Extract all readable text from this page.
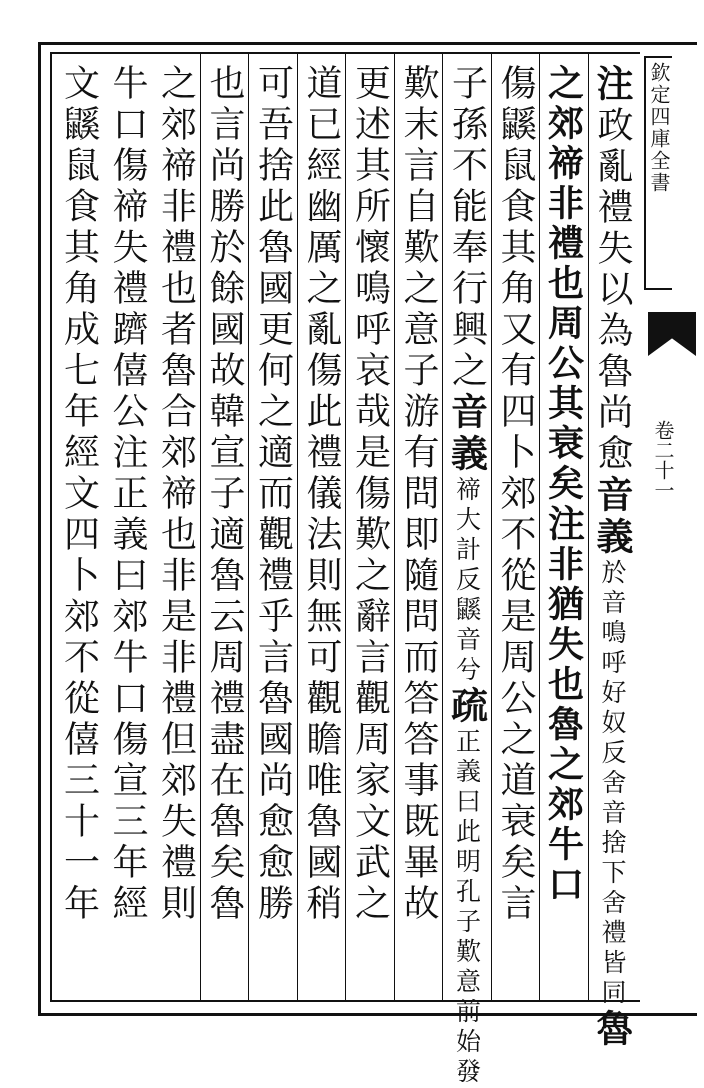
欽定四庫全書
卷二十一
注政亂禮失以為魯尚愈音義於音鳴呼好奴反舍音捨下舍禮皆同魯
之郊禘非禮也周公其衰矣注非猶失也魯之郊牛口
傷鼷鼠食其角又有四卜郊不從是周公之道衰矣言
子孫不能奉行興之音義禘大計反鼷音兮疏正義曰此明孔子歎意前始發
歎末言自歎之意子游有問即隨問而答答事既畢故
更述其所懷鳴呼哀哉是傷歎之辭言觀周家文武之
道已經幽厲之亂傷此禮儀法則無可觀瞻唯魯國稍
可吾捨此魯國更何之適而觀禮乎言魯國尚愈愈勝
也言尚勝於餘國故韓宣子適魯云周禮盡在魯矣魯
之郊禘非禮也者魯合郊禘也非是非禮但郊失禮則
牛口傷禘失禮躋僖公注正義曰郊牛口傷宣三年經
文鼷鼠食其角成七年經文四卜郊不從僖三十一年
